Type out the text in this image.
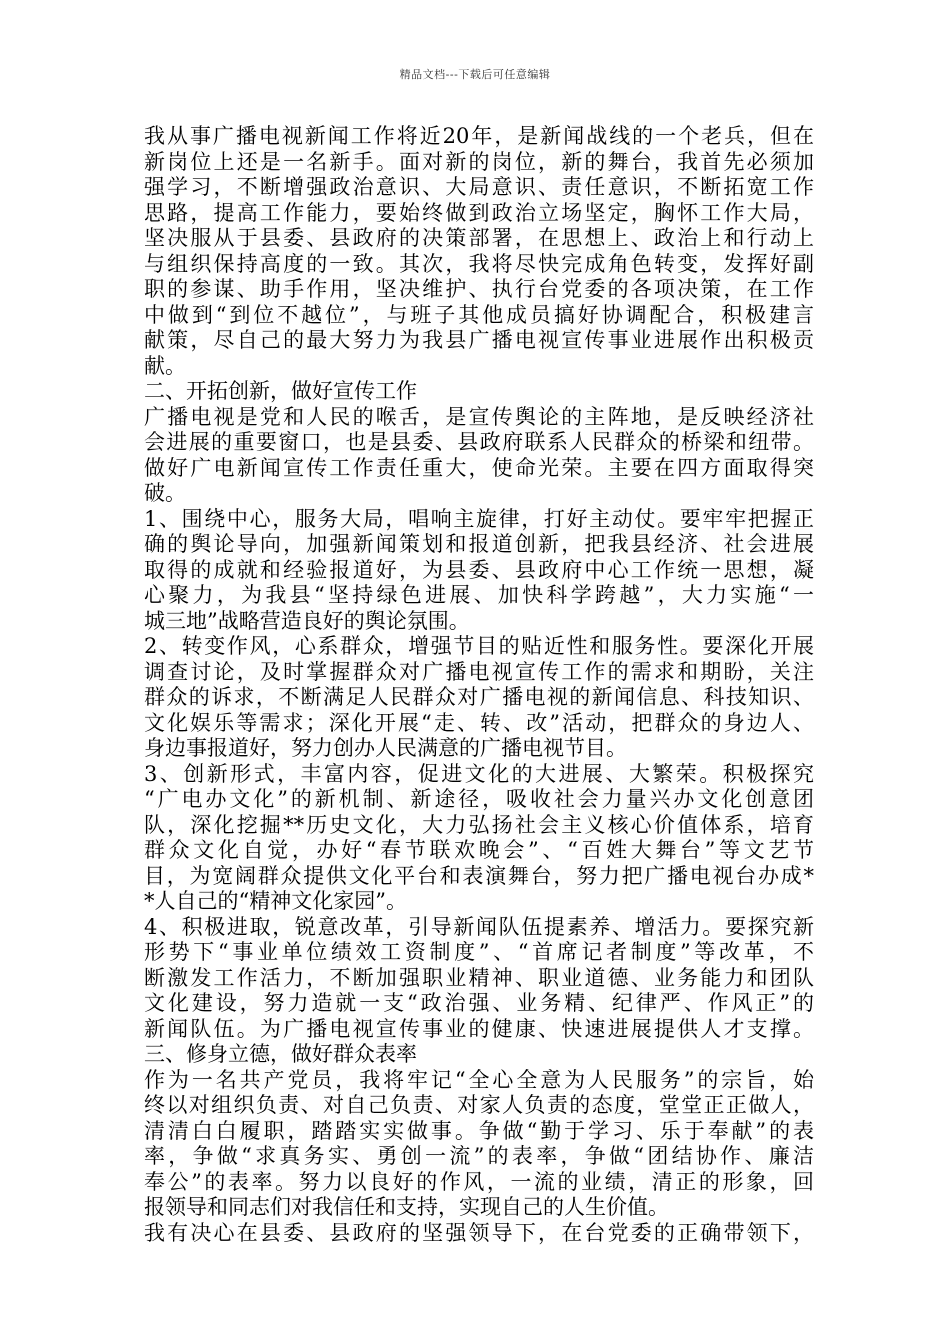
精品文档---下载后可任意编辑
我从事广播电视新闻工作将近20年，是新闻战线的一个老兵，但在
新岗位上还是一名新手。面对新的岗位，新的舞台，我首先必须加
强学习，不断增强政治意识、大局意识、责任意识，不断拓宽工作
思路，提高工作能力，要始终做到政治立场坚定，胸怀工作大局，
坚决服从于县委、县政府的决策部署，在思想上、政治上和行动上
与组织保持高度的一致。其次，我将尽快完成角色转变，发挥好副
职的参谋、助手作用，坚决维护、执行台党委的各项决策，在工作
中做到“到位不越位”，与班子其他成员搞好协调配合，积极建言
献策，尽自己的最大努力为我县广播电视宣传事业进展作出积极贡
献。
二、开拓创新，做好宣传工作
广播电视是党和人民的喉舌，是宣传舆论的主阵地，是反映经济社
会进展的重要窗口，也是县委、县政府联系人民群众的桥梁和纽带。
做好广电新闻宣传工作责任重大，使命光荣。主要在四方面取得突
破。
1、围绕中心，服务大局，唱响主旋律，打好主动仗。要牢牢把握正
确的舆论导向，加强新闻策划和报道创新，把我县经济、社会进展
取得的成就和经验报道好，为县委、县政府中心工作统一思想，凝
心聚力，为我县“坚持绿色进展、加快科学跨越”，大力实施“一
城三地”战略营造良好的舆论氛围。
2、转变作风，心系群众，增强节目的贴近性和服务性。要深化开展
调查讨论，及时掌握群众对广播电视宣传工作的需求和期盼，关注
群众的诉求，不断满足人民群众对广播电视的新闻信息、科技知识、
文化娱乐等需求；深化开展“走、转、改”活动，把群众的身边人、
身边事报道好，努力创办人民满意的广播电视节目。
3、创新形式，丰富内容，促进文化的大进展、大繁荣。积极探究
“广电办文化”的新机制、新途径，吸收社会力量兴办文化创意团
队，深化挖掘**历史文化，大力弘扬社会主义核心价值体系，培育
群众文化自觉，办好“春节联欢晚会”、“百姓大舞台”等文艺节
目，为宽阔群众提供文化平台和表演舞台，努力把广播电视台办成*
*人自己的“精神文化家园”。
4、积极进取，锐意改革，引导新闻队伍提素养、增活力。要探究新
形势下“事业单位绩效工资制度”、“首席记者制度”等改革，不
断激发工作活力，不断加强职业精神、职业道德、业务能力和团队
文化建设，努力造就一支“政治强、业务精、纪律严、作风正”的
新闻队伍。为广播电视宣传事业的健康、快速进展提供人才支撑。
三、修身立德，做好群众表率
作为一名共产党员，我将牢记“全心全意为人民服务”的宗旨，始
终以对组织负责、对自己负责、对家人负责的态度，堂堂正正做人，
清清白白履职，踏踏实实做事。争做“勤于学习、乐于奉献”的表
率，争做“求真务实、勇创一流”的表率，争做“团结协作、廉洁
奉公”的表率。努力以良好的作风，一流的业绩，清正的形象，回
报领导和同志们对我信任和支持，实现自己的人生价值。
我有决心在县委、县政府的坚强领导下，在台党委的正确带领下，
